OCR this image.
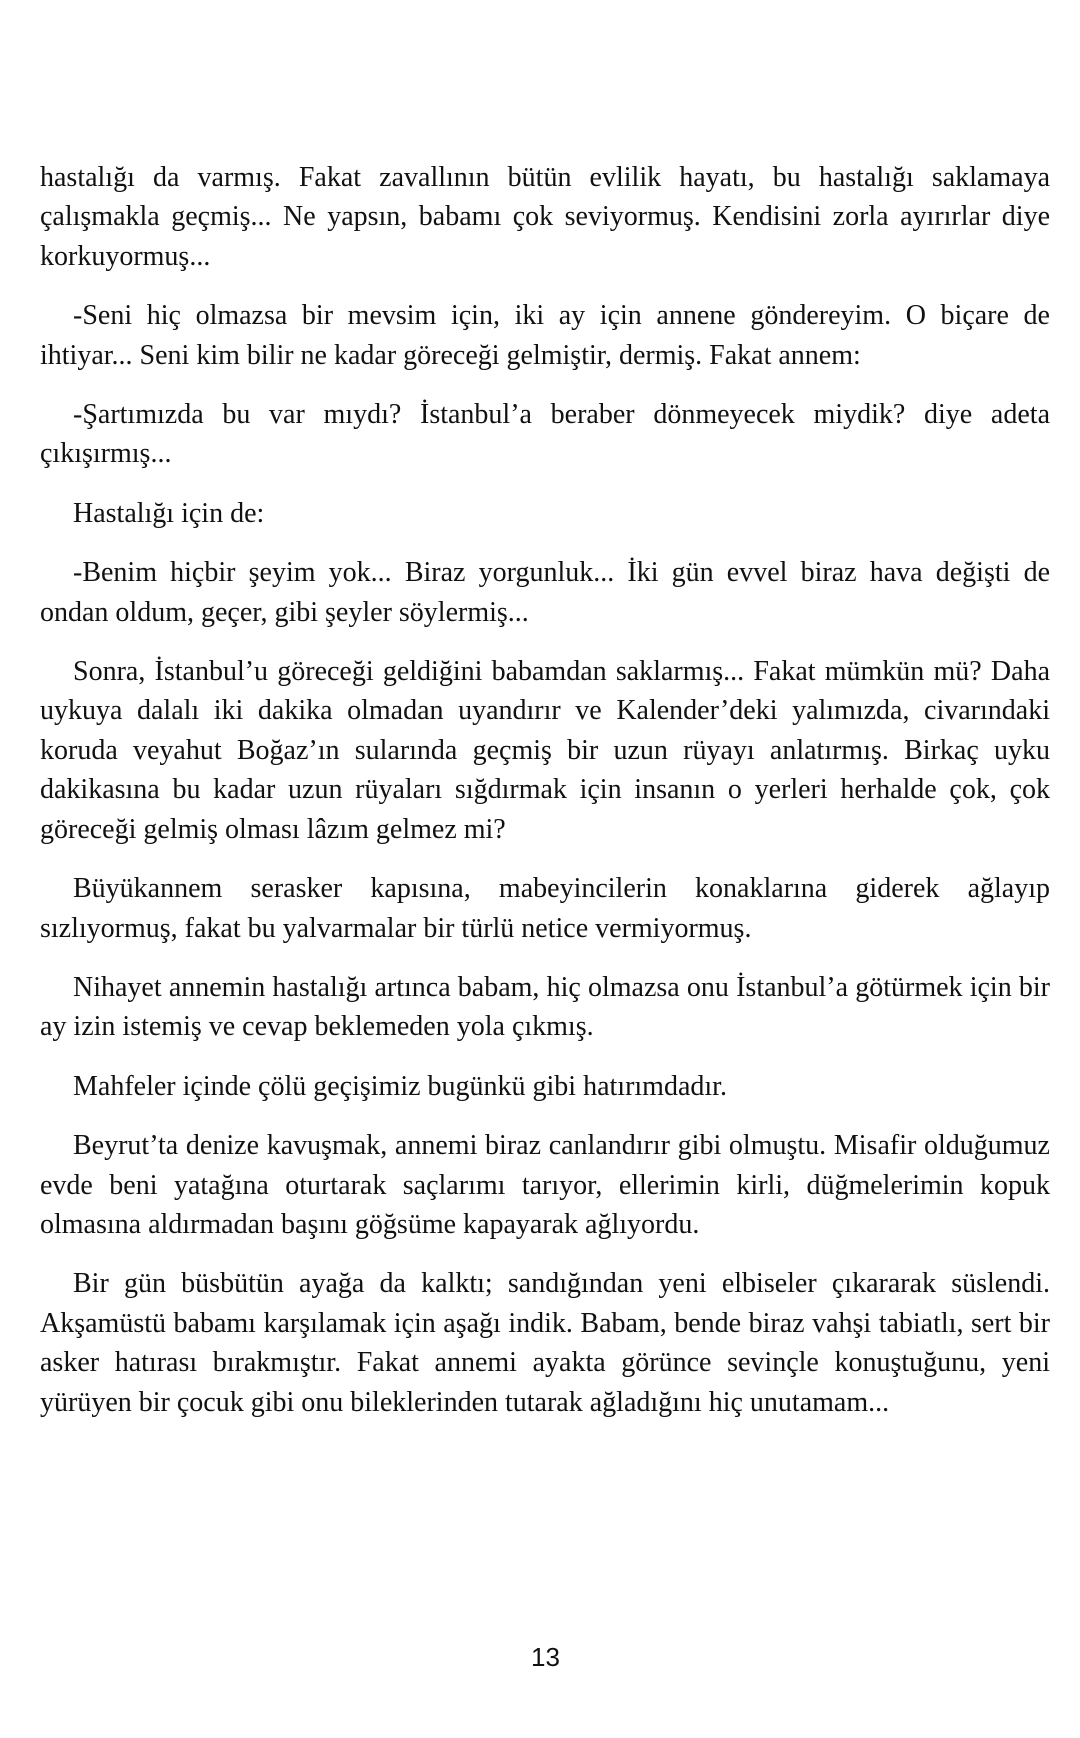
hastalığı da varmış. Fakat zavallının bütün evlilik hayatı, bu hastalığı saklamaya çalışmakla geçmiş... Ne yapsın, babamı çok seviyormuş. Kendisini zorla ayırırlar diye korkuyormuş...

-Seni hiç olmazsa bir mevsim için, iki ay için annene göndereyim. O biçare de ihtiyar... Seni kim bilir ne kadar göreceği gelmiştir, dermiş. Fakat annem:

-Şartımızda bu var mıydı? İstanbul’a beraber dönmeyecek miydik? diye adeta çıkışırmış...

Hastalığı için de:

-Benim hiçbir şeyim yok... Biraz yorgunluk... İki gün evvel biraz hava değişti de ondan oldum, geçer, gibi şeyler söylermiş...

Sonra, İstanbul’u göreceği geldiğini babamdan saklarmış... Fakat mümkün mü? Daha uykuya dalalı iki dakika olmadan uyandırır ve Kalender’deki yalımızda, civarındaki koruda veyahut Boğaz’ın sularında geçmiş bir uzun rüyayı anlatırmış. Birkaç uyku dakikasına bu kadar uzun rüyaları sığdırmak için insanın o yerleri herhalde çok, çok göreceği gelmiş olması lâzım gelmez mi?

Büyükannem serasker kapısına, mabeyincilerin konaklarına giderek ağlayıp sızlıyormuş, fakat bu yalvarmalar bir türlü netice vermiyormuş.

Nihayet annemin hastalığı artınca babam, hiç olmazsa onu İstanbul’a götürmek için bir ay izin istemiş ve cevap beklemeden yola çıkmış.

Mahfeler içinde çölü geçişimiz bugünkü gibi hatırımdadır.

Beyrut’ta denize kavuşmak, annemi biraz canlandırır gibi olmuştu. Misafir olduğumuz evde beni yatağına oturtarak saçlarımı tarıyor, ellerimin kirli, düğmelerimin kopuk olmasına aldırmadan başını göğsüme kapayarak ağlıyordu.

Bir gün büsbütün ayağa da kalktı; sandığından yeni elbiseler çıkararak süslendi. Akşamüstü babamı karşılamak için aşağı indik. Babam, bende biraz vahşi tabiatlı, sert bir asker hatırası bırakmıştır. Fakat annemi ayakta görünce sevinçle konuştuğunu, yeni yürüyen bir çocuk gibi onu bileklerinden tutarak ağladığını hiç unutamam...

13
